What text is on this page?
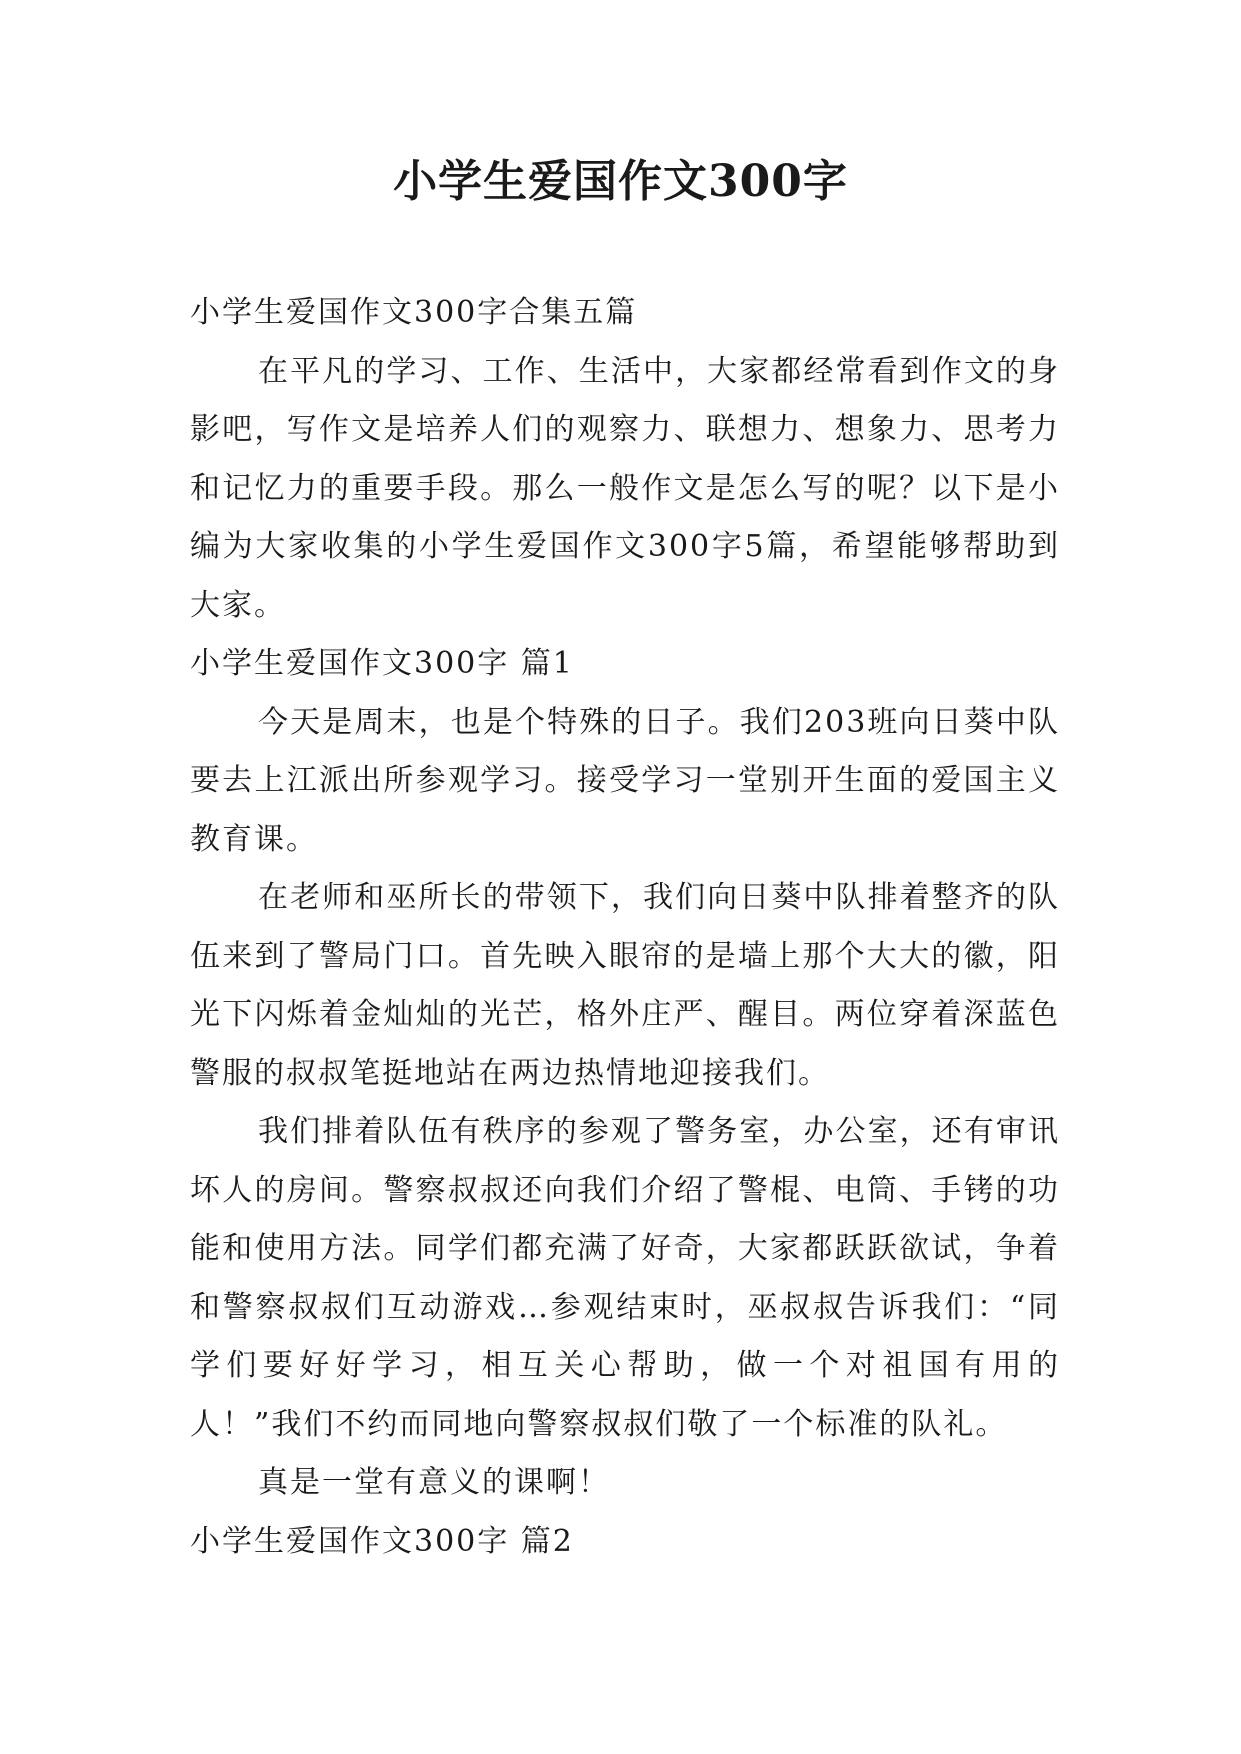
小学生爱国作文300字

小学生爱国作文300字合集五篇

在平凡的学习、工作、生活中，大家都经常看到作文的身影吧，写作文是培养人们的观察力、联想力、想象力、思考力和记忆力的重要手段。那么一般作文是怎么写的呢？以下是小编为大家收集的小学生爱国作文300字5篇，希望能够帮助到大家。

小学生爱国作文300字 篇1

今天是周末，也是个特殊的日子。我们203班向日葵中队要去上江派出所参观学习。接受学习一堂别开生面的爱国主义教育课。

在老师和巫所长的带领下，我们向日葵中队排着整齐的队伍来到了警局门口。首先映入眼帘的是墙上那个大大的徽，阳光下闪烁着金灿灿的光芒，格外庄严、醒目。两位穿着深蓝色警服的叔叔笔挺地站在两边热情地迎接我们。

我们排着队伍有秩序的参观了警务室，办公室，还有审讯坏人的房间。警察叔叔还向我们介绍了警棍、电筒、手铐的功能和使用方法。同学们都充满了好奇，大家都跃跃欲试，争着和警察叔叔们互动游戏…参观结束时，巫叔叔告诉我们：“同学们要好好学习，相互关心帮助，做一个对祖国有用的人！”我们不约而同地向警察叔叔们敬了一个标准的队礼。

真是一堂有意义的课啊！

小学生爱国作文300字 篇2
